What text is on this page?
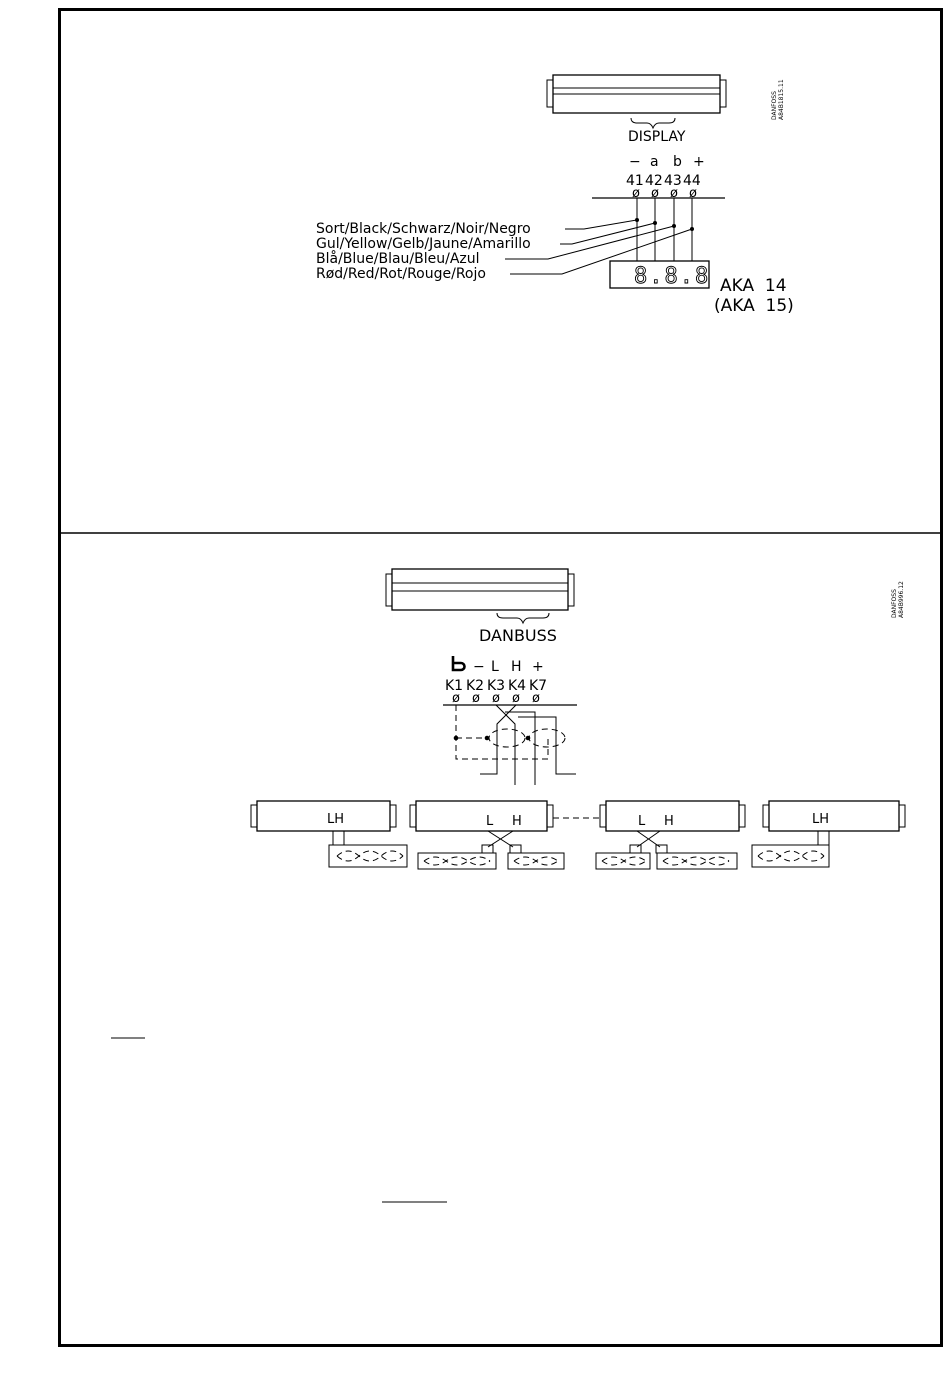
DISPLAY
DANFOSS A84B1815.11
− a b +
41 42 43 44
ø ø ø ø
Sort/Black/Schwarz/Noir/Negro
Gul/Yellow/Gelb/Jaune/Amarillo
Blå/Blue/Blau/Bleu/Azul
Rød/Red/Rot/Rouge/Rojo	8.8.8 AKA  14
(AKA  15)
DANBUSS
DANFOSS A84B996.12
− L H +
K1 K2 K3 K4 K7
ø ø ø ø ø
LH	L H	L H	LH
